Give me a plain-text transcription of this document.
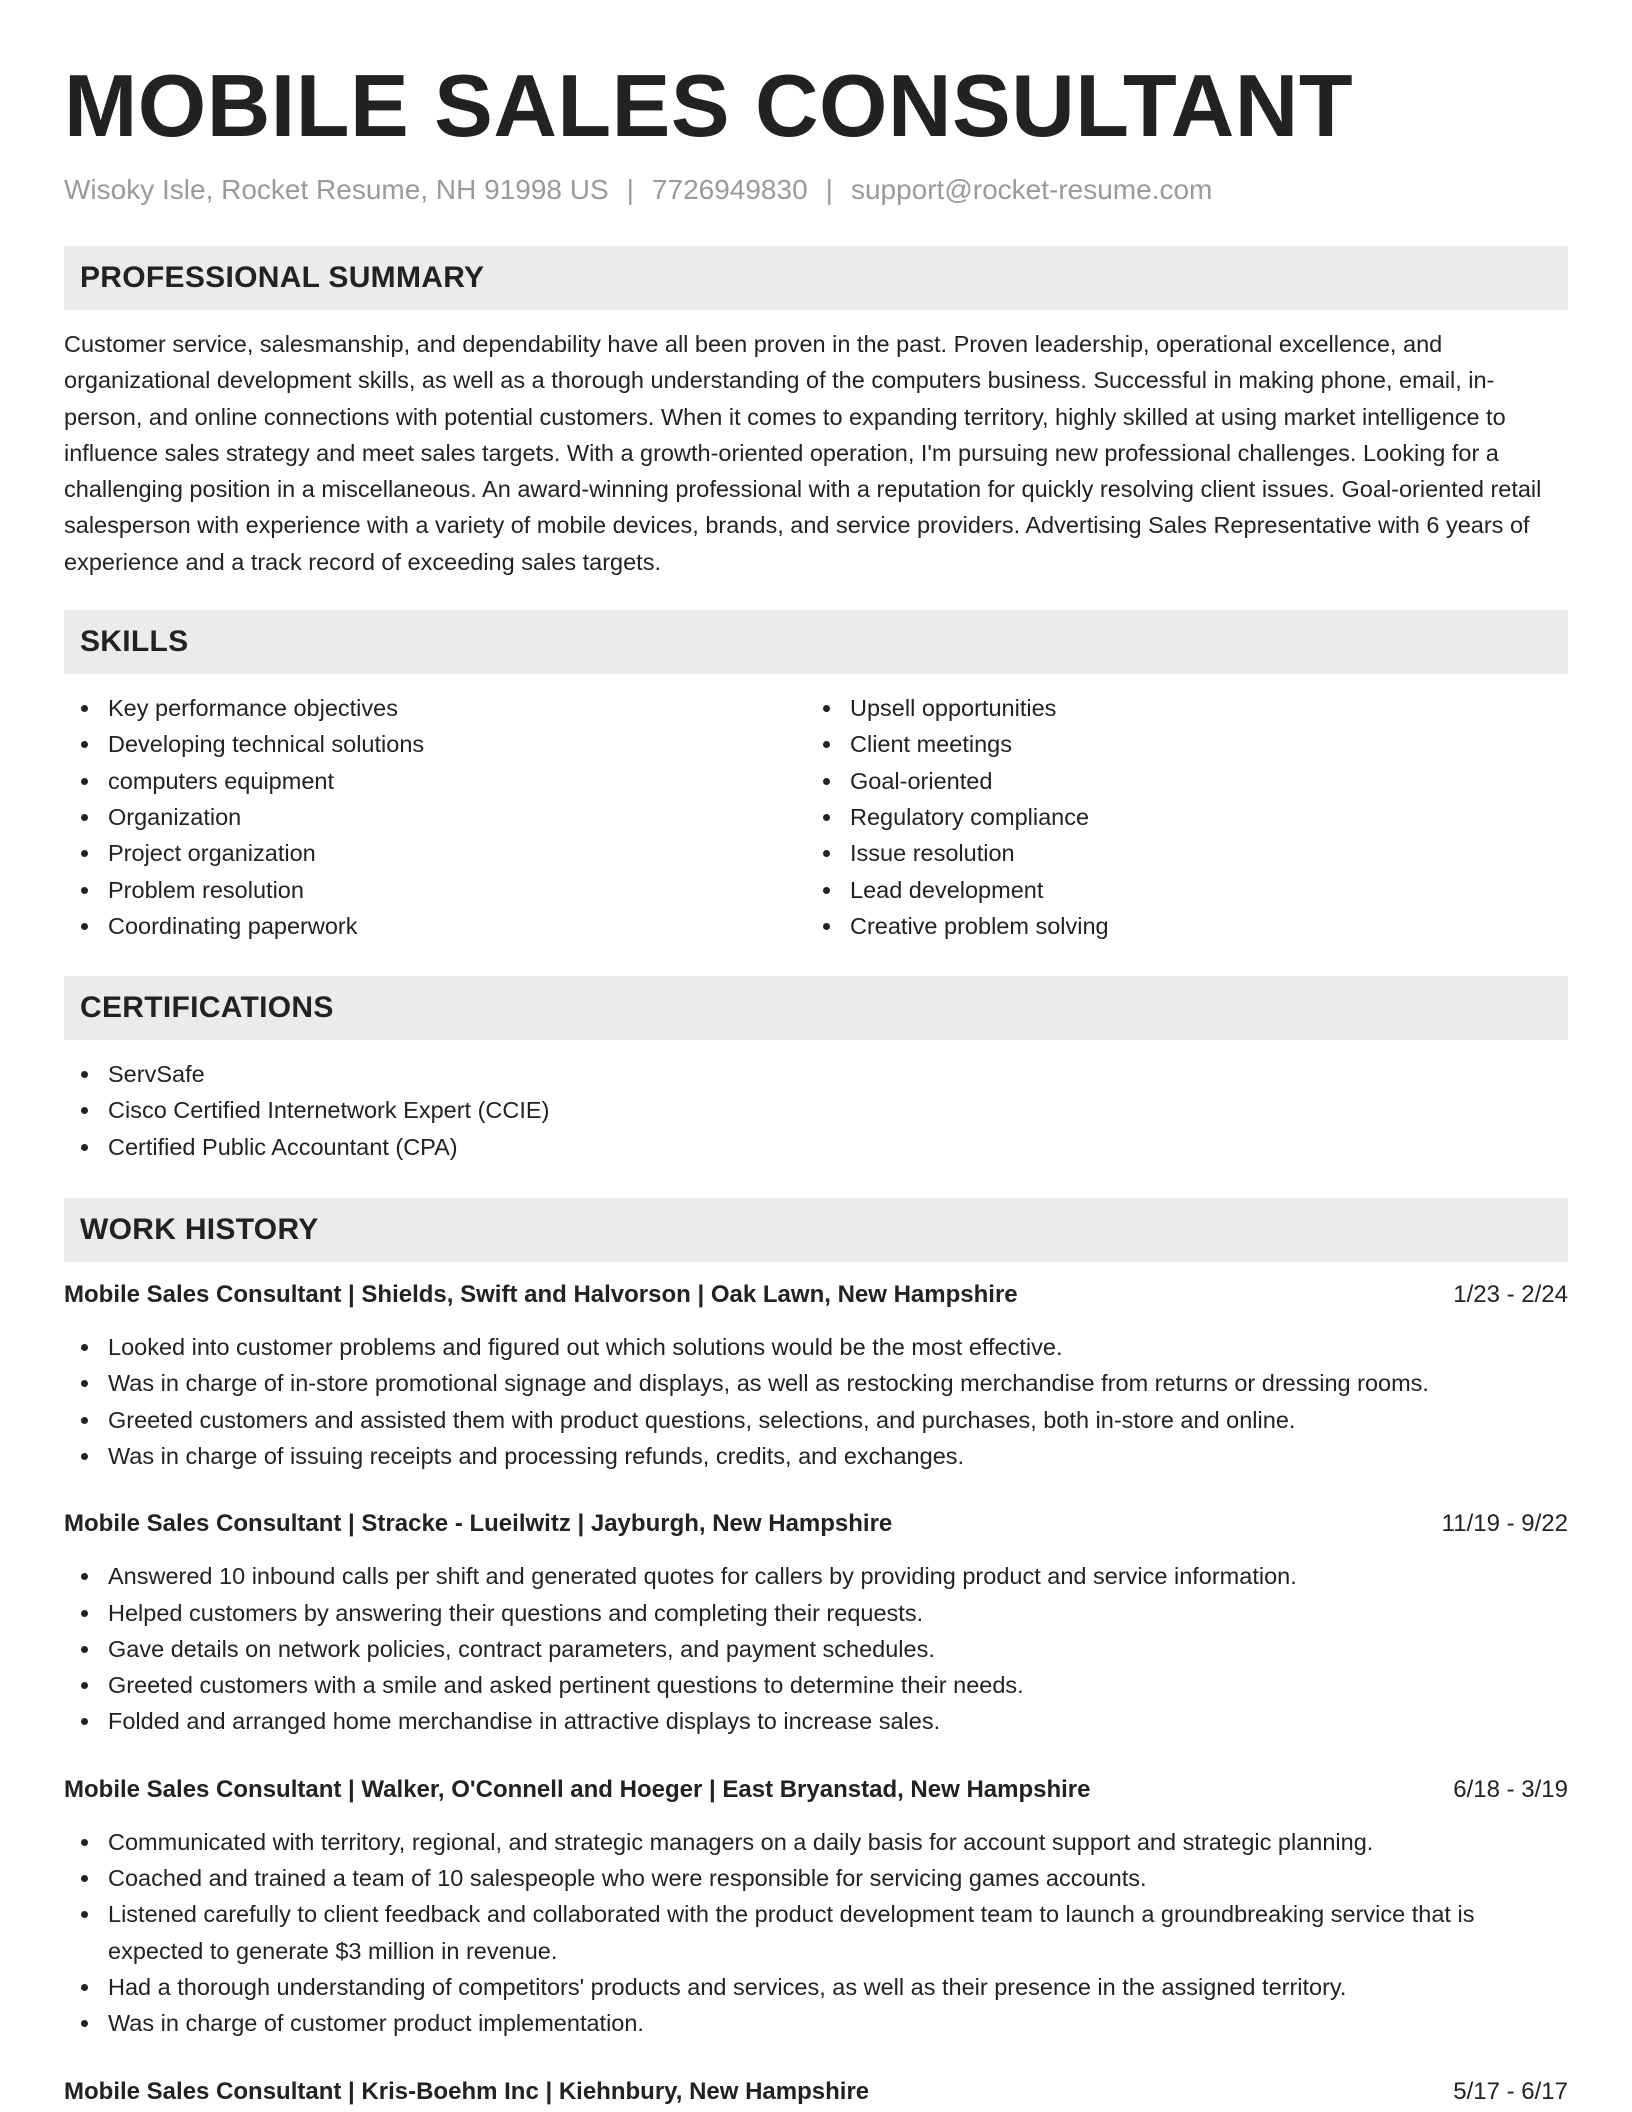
MOBILE SALES CONSULTANT
Wisoky Isle, Rocket Resume, NH 91998 US | 7726949830 | support@rocket-resume.com
PROFESSIONAL SUMMARY

Customer service, salesmanship, and dependability have all been proven in the past. Proven leadership, operational excellence, and organizational development skills, as well as a thorough understanding of the computers business. Successful in making phone, email, in-person, and online connections with potential customers. When it comes to expanding territory, highly skilled at using market intelligence to influence sales strategy and meet sales targets. With a growth-oriented operation, I'm pursuing new professional challenges. Looking for a challenging position in a miscellaneous. An award-winning professional with a reputation for quickly resolving client issues. Goal-oriented retail salesperson with experience with a variety of mobile devices, brands, and service providers. Advertising Sales Representative with 6 years of experience and a track record of exceeding sales targets.

SKILLS
Key performance objectives
Developing technical solutions
computers equipment
Organization
Project organization
Problem resolution
Coordinating paperwork
Upsell opportunities
Client meetings
Goal-oriented
Regulatory compliance
Issue resolution
Lead development
Creative problem solving
CERTIFICATIONS
ServSafe
Cisco Certified Internetwork Expert (CCIE)
Certified Public Accountant (CPA)
WORK HISTORY
Mobile Sales Consultant | Shields, Swift and Halvorson | Oak Lawn, New Hampshire	1/23 - 2/24
Looked into customer problems and figured out which solutions would be the most effective.
Was in charge of in-store promotional signage and displays, as well as restocking merchandise from returns or dressing rooms.
Greeted customers and assisted them with product questions, selections, and purchases, both in-store and online.
Was in charge of issuing receipts and processing refunds, credits, and exchanges.
Mobile Sales Consultant | Stracke - Lueilwitz | Jayburgh, New Hampshire	11/19 - 9/22
Answered 10 inbound calls per shift and generated quotes for callers by providing product and service information.
Helped customers by answering their questions and completing their requests.
Gave details on network policies, contract parameters, and payment schedules.
Greeted customers with a smile and asked pertinent questions to determine their needs.
Folded and arranged home merchandise in attractive displays to increase sales.
Mobile Sales Consultant | Walker, O'Connell and Hoeger | East Bryanstad, New Hampshire	6/18 - 3/19
Communicated with territory, regional, and strategic managers on a daily basis for account support and strategic planning.
Coached and trained a team of 10 salespeople who were responsible for servicing games accounts.
Listened carefully to client feedback and collaborated with the product development team to launch a groundbreaking service that is expected to generate $3 million in revenue.
Had a thorough understanding of competitors' products and services, as well as their presence in the assigned territory.
Was in charge of customer product implementation.
Mobile Sales Consultant | Kris-Boehm Inc | Kiehnbury, New Hampshire	5/17 - 6/17
